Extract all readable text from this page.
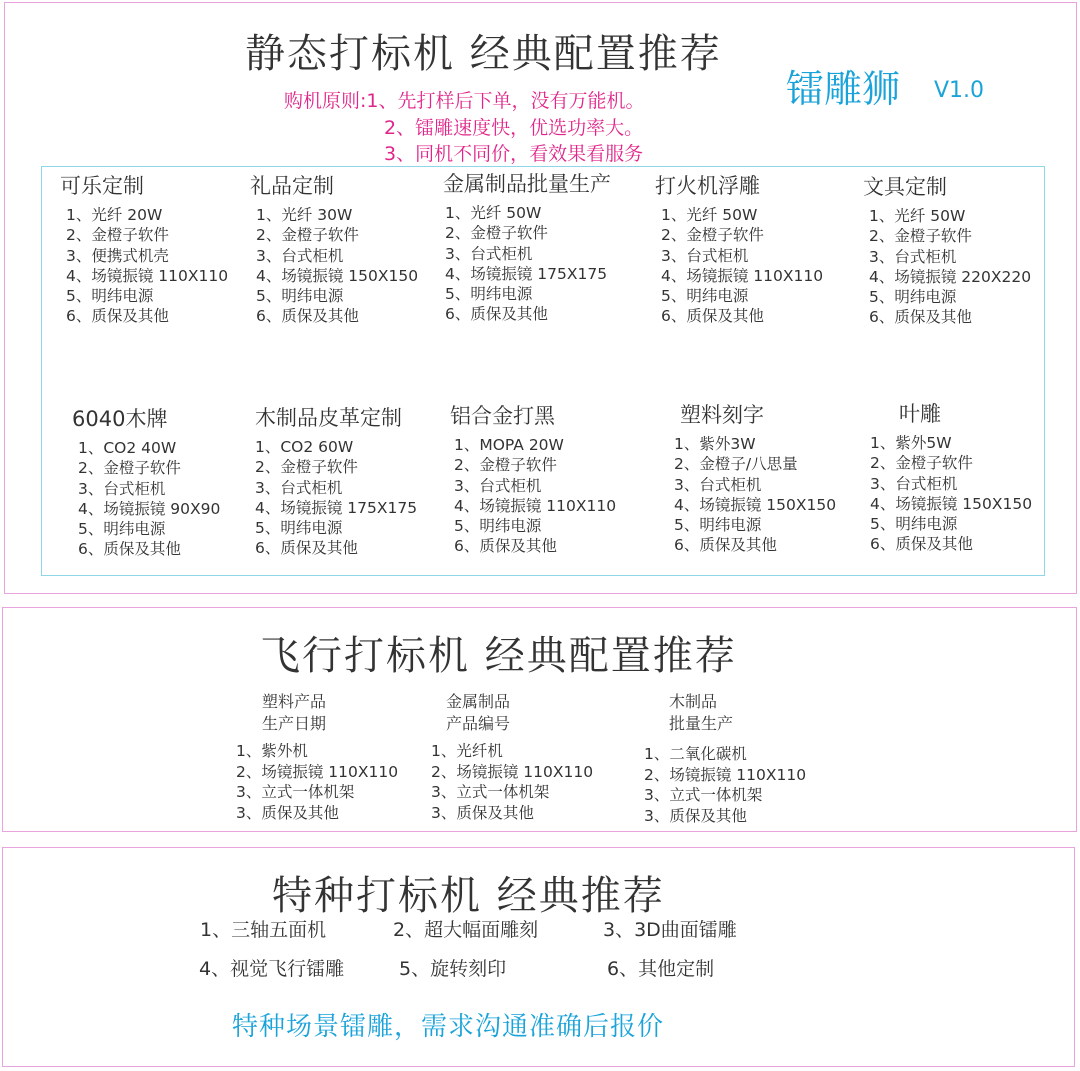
静态打标机 经典配置推荐
镭雕狮 V1.0
购机原则:1、先打样后下单，没有万能机。
2、镭雕速度快，优选功率大。
3、同机不同价，看效果看服务
可乐定制
1、光纤 20W
2、金橙子软件
3、便携式机壳
4、场镜振镜 110X110
5、明纬电源
6、质保及其他
礼品定制
1、光纤 30W
2、金橙子软件
3、台式柜机
4、场镜振镜 150X150
5、明纬电源
6、质保及其他
金属制品批量生产
1、光纤 50W
2、金橙子软件
3、台式柜机
4、场镜振镜 175X175
5、明纬电源
6、质保及其他
打火机浮雕
1、光纤 50W
2、金橙子软件
3、台式柜机
4、场镜振镜 110X110
5、明纬电源
6、质保及其他
文具定制
1、光纤 50W
2、金橙子软件
3、台式柜机
4、场镜振镜 220X220
5、明纬电源
6、质保及其他
6040木牌
1、CO2 40W
2、金橙子软件
3、台式柜机
4、场镜振镜 90X90
5、明纬电源
6、质保及其他
木制品皮革定制
1、CO2 60W
2、金橙子软件
3、台式柜机
4、场镜振镜 175X175
5、明纬电源
6、质保及其他
铝合金打黑
1、MOPA 20W
2、金橙子软件
3、台式柜机
4、场镜振镜 110X110
5、明纬电源
6、质保及其他
塑料刻字
1、紫外3W
2、金橙子/八思量
3、台式柜机
4、场镜振镜 150X150
5、明纬电源
6、质保及其他
叶雕
1、紫外5W
2、金橙子软件
3、台式柜机
4、场镜振镜 150X150
5、明纬电源
6、质保及其他
飞行打标机 经典配置推荐
塑料产品
生产日期
1、紫外机
2、场镜振镜 110X110
3、立式一体机架
3、质保及其他
金属制品
产品编号
1、光纤机
2、场镜振镜 110X110
3、立式一体机架
3、质保及其他
木制品
批量生产
1、二氧化碳机
2、场镜振镜 110X110
3、立式一体机架
3、质保及其他
特种打标机 经典推荐
1、三轴五面机	2、超大幅面雕刻	3、3D曲面镭雕
4、视觉飞行镭雕	5、旋转刻印	6、其他定制
特种场景镭雕，需求沟通准确后报价
